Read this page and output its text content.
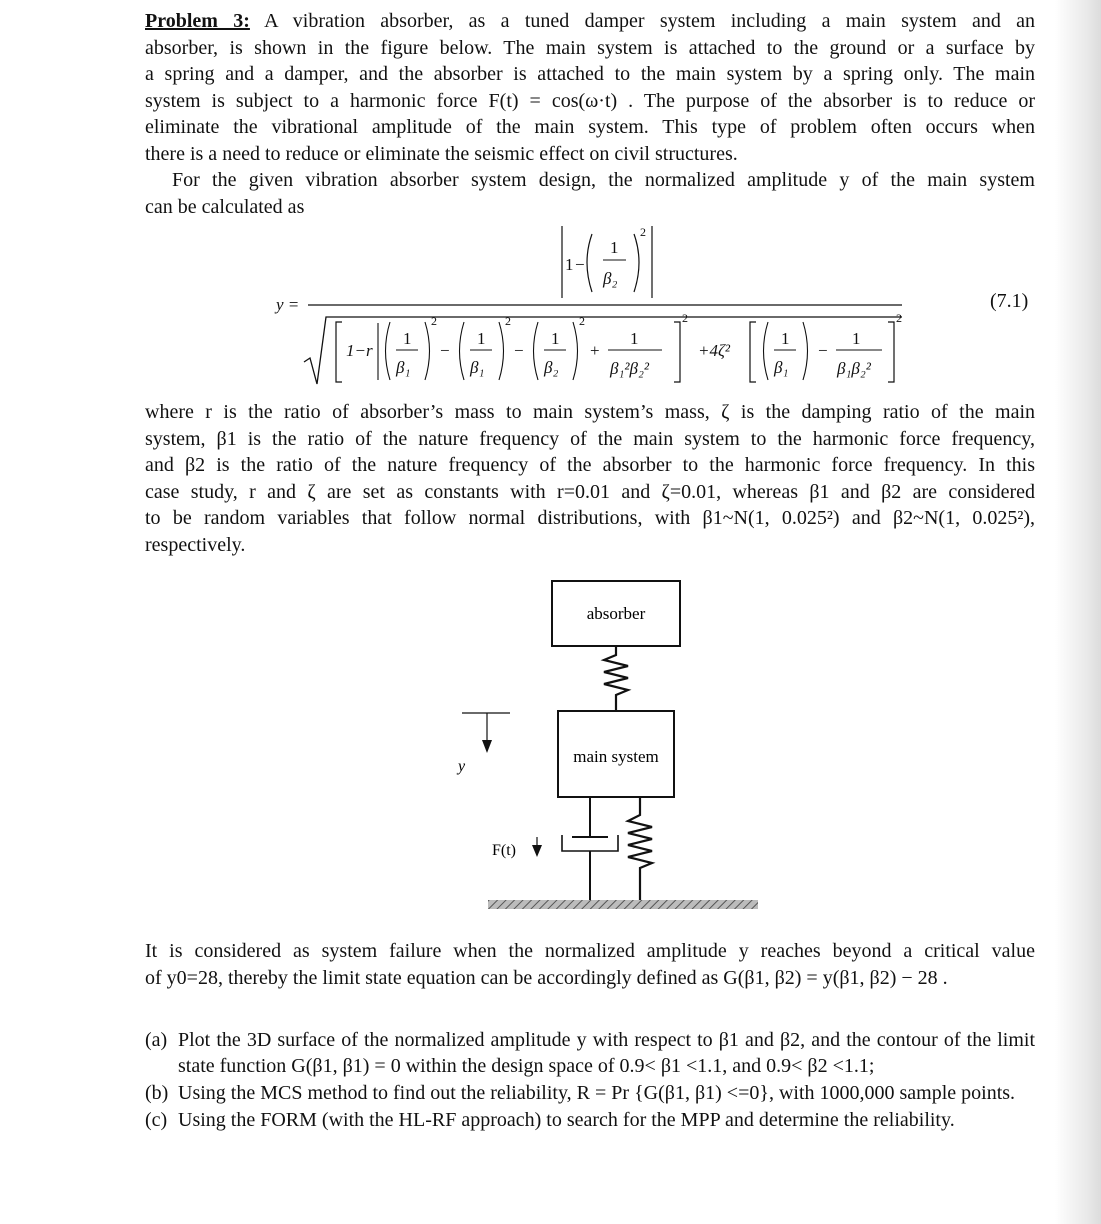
Problem 3: A vibration absorber, as a tuned damper system including a main system and an
absorber, is shown in the figure below. The main system is attached to the ground or a surface by
a spring and a damper, and the absorber is attached to the main system by a spring only. The main
system is subject to a harmonic force F(t) = cos(ω·t) . The purpose of the absorber is to reduce or
eliminate the vibrational amplitude of the main system. This type of problem often occurs when
there is a need to reduce or eliminate the seismic effect on civil structures.
For the given vibration absorber system design, the normalized amplitude y of the main system
can be calculated as
y =
1 −
1
β₂
2
1−r
1
β₁
2
−
1
β₁
2
−
1
β₂
2
+
1
β₁²β₂²
2
+4ζ²
1
β₁
−
1
β₁β₂²
2
(7.1)
where r is the ratio of absorber’s mass to main system’s mass, ζ is the damping ratio of the main
system, β1 is the ratio of the nature frequency of the main system to the harmonic force frequency,
and β2 is the ratio of the nature frequency of the absorber to the harmonic force frequency. In this
case study, r and ζ are set as constants with r=0.01 and ζ=0.01, whereas β1 and β2 are considered
to be random variables that follow normal distributions, with β1~N(1, 0.025²) and β2~N(1, 0.025²),
respectively.
absorber
main system
y
F(t)
It is considered as system failure when the normalized amplitude y reaches beyond a critical value
of y0=28, thereby the limit state equation can be accordingly defined as G(β1, β2) = y(β1, β2) − 28 .
(a) Plot the 3D surface of the normalized amplitude y with respect to β1 and β2, and the contour of the limit state function G(β1, β1) = 0 within the design space of 0.9< β1 <1.1, and 0.9< β2 <1.1;
(b) Using the MCS method to find out the reliability, R = Pr {G(β1, β1) <=0}, with 1000,000 sample points.
(c) Using the FORM (with the HL-RF approach) to search for the MPP and determine the reliability.
